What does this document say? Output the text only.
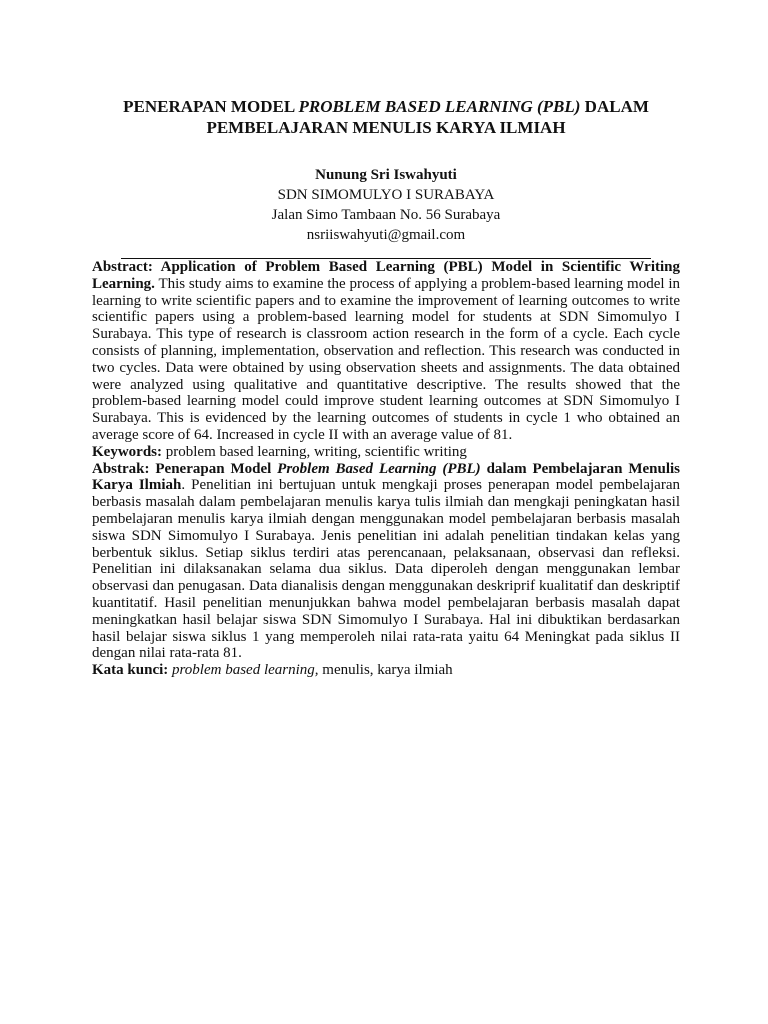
PENERAPAN MODEL PROBLEM BASED LEARNING (PBL) DALAM
PEMBELAJARAN MENULIS KARYA ILMIAH
Nunung Sri Iswahyuti
SDN SIMOMULYO I SURABAYA
Jalan Simo Tambaan No. 56 Surabaya
nsriiswahyuti@gmail.com

Abstract: Application of Problem Based Learning (PBL) Model in Scientific Writing Learning. This study aims to examine the process of applying a problem-based learning model in learning to write scientific papers and to examine the improvement of learning outcomes to write scientific papers using a problem-based learning model for students at SDN Simomulyo I Surabaya. This type of research is classroom action research in the form of a cycle. Each cycle consists of planning, implementation, observation and reflection. This research was conducted in two cycles. Data were obtained by using observation sheets and assignments. The data obtained were analyzed using qualitative and quantitative descriptive. The results showed that the problem-based learning model could improve student learning outcomes at SDN Simomulyo I Surabaya. This is evidenced by the learning outcomes of students in cycle 1 who obtained an average score of 64. Increased in cycle II with an average value of 81.

Keywords: problem based learning, writing, scientific writing

Abstrak: Penerapan Model Problem Based Learning (PBL) dalam Pembelajaran Menulis Karya Ilmiah. Penelitian ini bertujuan untuk mengkaji proses penerapan model pembelajaran berbasis masalah dalam pembelajaran menulis karya tulis ilmiah dan mengkaji peningkatan hasil pembelajaran menulis karya ilmiah dengan menggunakan model pembelajaran berbasis masalah    siswa SDN Simomulyo I Surabaya. Jenis penelitian ini adalah penelitian tindakan kelas yang berbentuk siklus. Setiap siklus terdiri atas perencanaan, pelaksanaan, observasi dan refleksi. Penelitian ini dilaksanakan selama dua siklus. Data diperoleh dengan menggunakan lembar observasi dan penugasan. Data dianalisis dengan menggunakan deskriprif kualitatif dan deskriptif kuantitatif. Hasil penelitian menunjukkan bahwa model pembelajaran berbasis masalah dapat meningkatkan hasil belajar siswa SDN Simomulyo I Surabaya. Hal ini dibuktikan berdasarkan hasil belajar siswa siklus 1 yang memperoleh nilai rata-rata yaitu 64 Meningkat pada siklus II dengan nilai rata-rata 81.

Kata kunci: problem based learning, menulis, karya ilmiah
